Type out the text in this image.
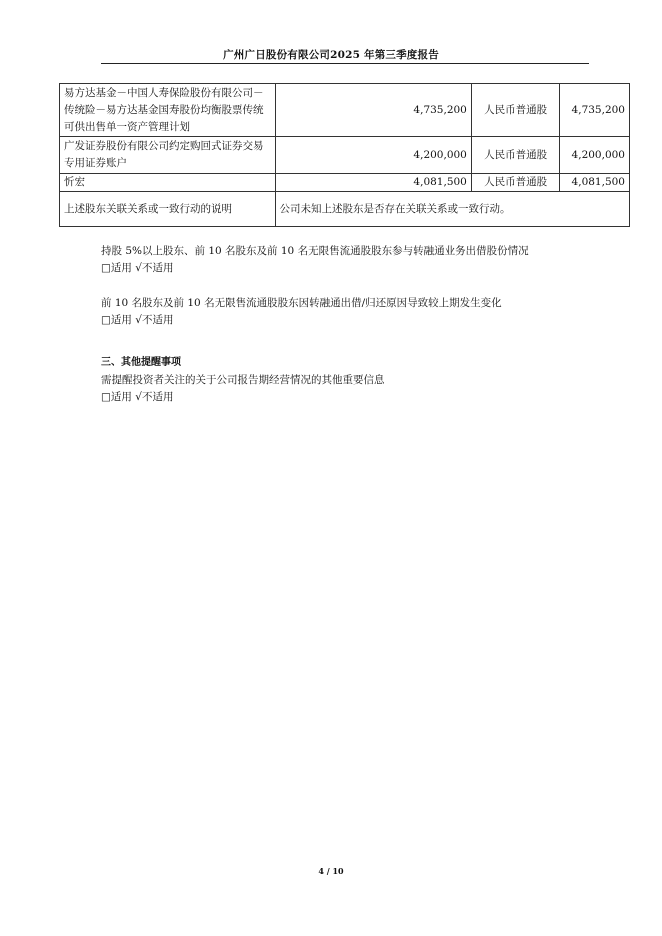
广州广日股份有限公司2025 年第三季度报告
易方达基金－中国人寿保险股份有限公司－传统险－易方达基金国寿股份均衡股票传统可供出售单一资产管理计划	4,735,200	人民币普通股	4,735,200
广发证券股份有限公司约定购回式证券交易专用证券账户	4,200,000	人民币普通股	4,200,000
忻宏	4,081,500	人民币普通股	4,081,500
上述股东关联关系或一致行动的说明	公司未知上述股东是否存在关联关系或一致行动。		

持股 5%以上股东、前 10 名股东及前 10 名无限售流通股股东参与转融通业务出借股份情况

□适用 √不适用

前 10 名股东及前 10 名无限售流通股股东因转融通出借/归还原因导致较上期发生变化

□适用 √不适用

三、其他提醒事项

需提醒投资者关注的关于公司报告期经营情况的其他重要信息

□适用 √不适用

4 / 10
